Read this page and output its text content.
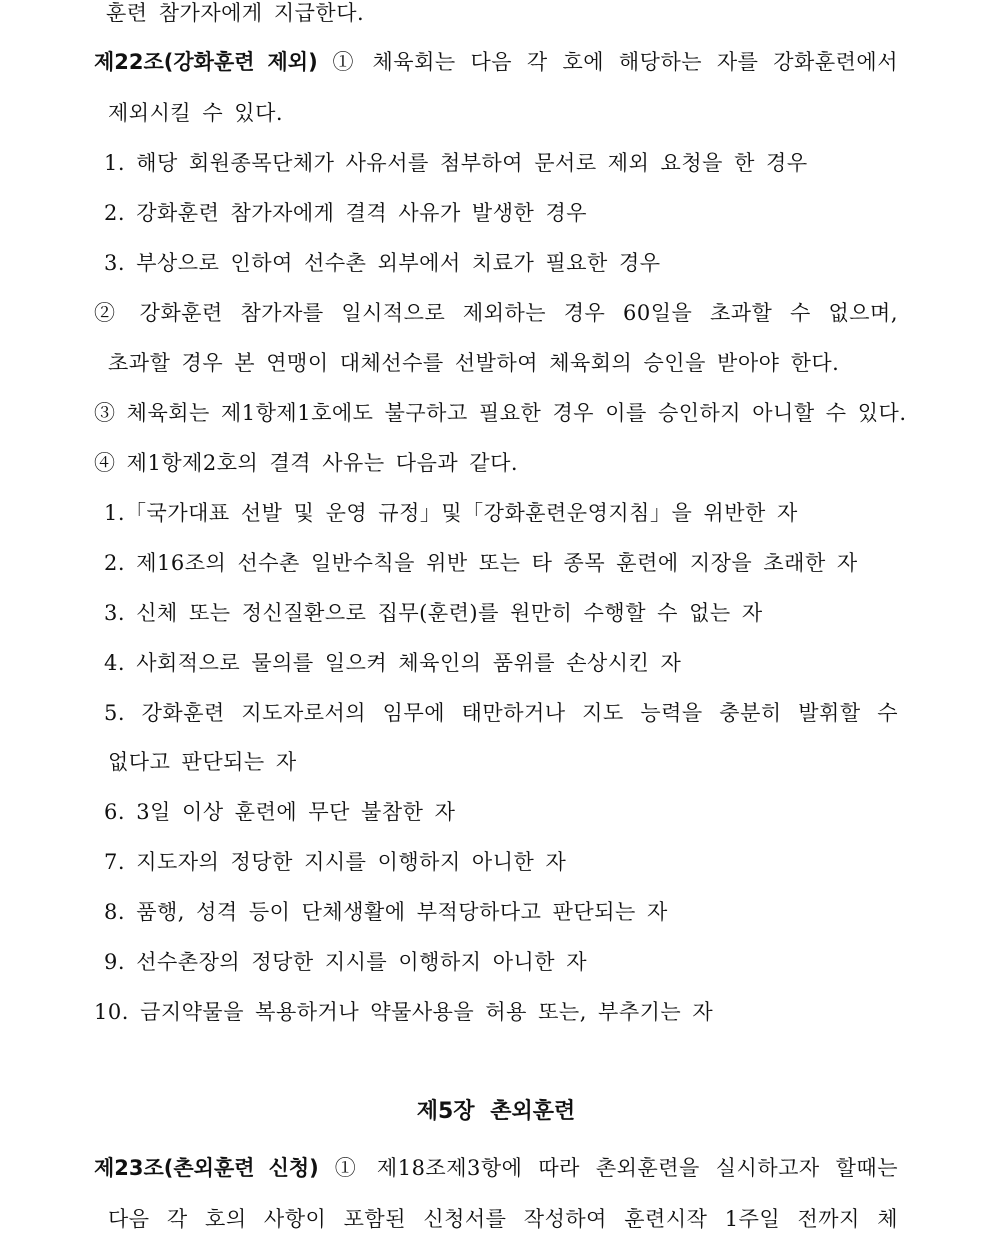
훈련 참가자에게 지급한다.
제22조(강화훈련 제외) ① 체육회는 다음 각 호에 해당하는 자를 강화훈련에서
제외시킬 수 있다.
1. 해당 회원종목단체가 사유서를 첨부하여 문서로 제외 요청을 한 경우
2. 강화훈련 참가자에게 결격 사유가 발생한 경우
3. 부상으로 인하여 선수촌 외부에서 치료가 필요한 경우
② 강화훈련 참가자를 일시적으로 제외하는 경우 60일을 초과할 수 없으며,
초과할 경우 본 연맹이 대체선수를 선발하여 체육회의 승인을 받아야 한다.
③ 체육회는 제1항제1호에도 불구하고 필요한 경우 이를 승인하지 아니할 수 있다.
④ 제1항제2호의 결격 사유는 다음과 같다.
1.「국가대표 선발 및 운영 규정」및「강화훈련운영지침」을 위반한 자
2. 제16조의 선수촌 일반수칙을 위반 또는 타 종목 훈련에 지장을 초래한 자
3. 신체 또는 정신질환으로 집무(훈련)를 원만히 수행할 수 없는 자
4. 사회적으로 물의를 일으켜 체육인의 품위를 손상시킨 자
5. 강화훈련 지도자로서의 임무에 태만하거나 지도 능력을 충분히 발휘할 수
없다고 판단되는 자
6. 3일 이상 훈련에 무단 불참한 자
7. 지도자의 정당한 지시를 이행하지 아니한 자
8. 품행, 성격 등이 단체생활에 부적당하다고 판단되는 자
9. 선수촌장의 정당한 지시를 이행하지 아니한 자
10. 금지약물을 복용하거나 약물사용을 허용 또는, 부추기는 자
제5장 촌외훈련
제23조(촌외훈련 신청) ① 제18조제3항에 따라 촌외훈련을 실시하고자 할때는
다음 각 호의 사항이 포함된 신청서를 작성하여 훈련시작 1주일 전까지 체
